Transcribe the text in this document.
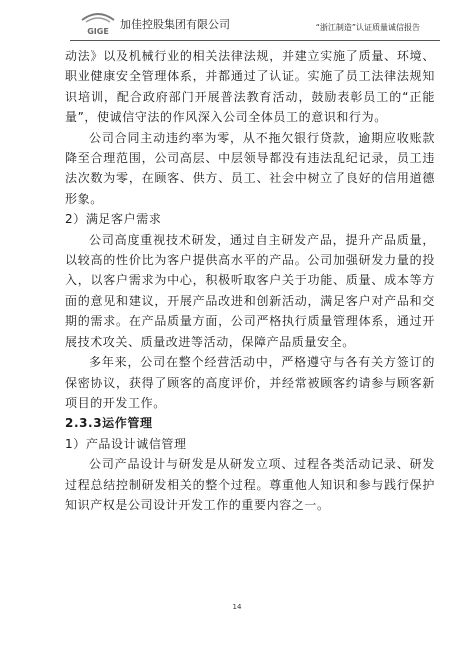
GIGE
加佳控股集团有限公司	“浙江制造”认证质量诚信报告

动法》以及机械行业的相关法律法规，并建立实施了质量、环境、职业健康安全管理体系，并都通过了认证。实施了员工法律法规知识培训，配合政府部门开展普法教育活动，鼓励表彰员工的“正能量”，使诚信守法的作风深入公司全体员工的意识和行为。

公司合同主动违约率为零，从不拖欠银行贷款，逾期应收账款降至合理范围，公司高层、中层领导都没有违法乱纪记录，员工违法次数为零，在顾客、供方、员工、社会中树立了良好的信用道德形象。

2）满足客户需求

公司高度重视技术研发，通过自主研发产品，提升产品质量，以较高的性价比为客户提供高水平的产品。公司加强研发力量的投入，以客户需求为中心，积极听取客户关于功能、质量、成本等方面的意见和建议，开展产品改进和创新活动，满足客户对产品和交期的需求。在产品质量方面，公司严格执行质量管理体系，通过开展技术攻关、质量改进等活动，保障产品质量安全。

多年来，公司在整个经营活动中，严格遵守与各有关方签订的保密协议，获得了顾客的高度评价，并经常被顾客约请参与顾客新项目的开发工作。

2.3.3运作管理

1）产品设计诚信管理

公司产品设计与研发是从研发立项、过程各类活动记录、研发过程总结控制研发相关的整个过程。尊重他人知识和参与践行保护知识产权是公司设计开发工作的重要内容之一。

14
